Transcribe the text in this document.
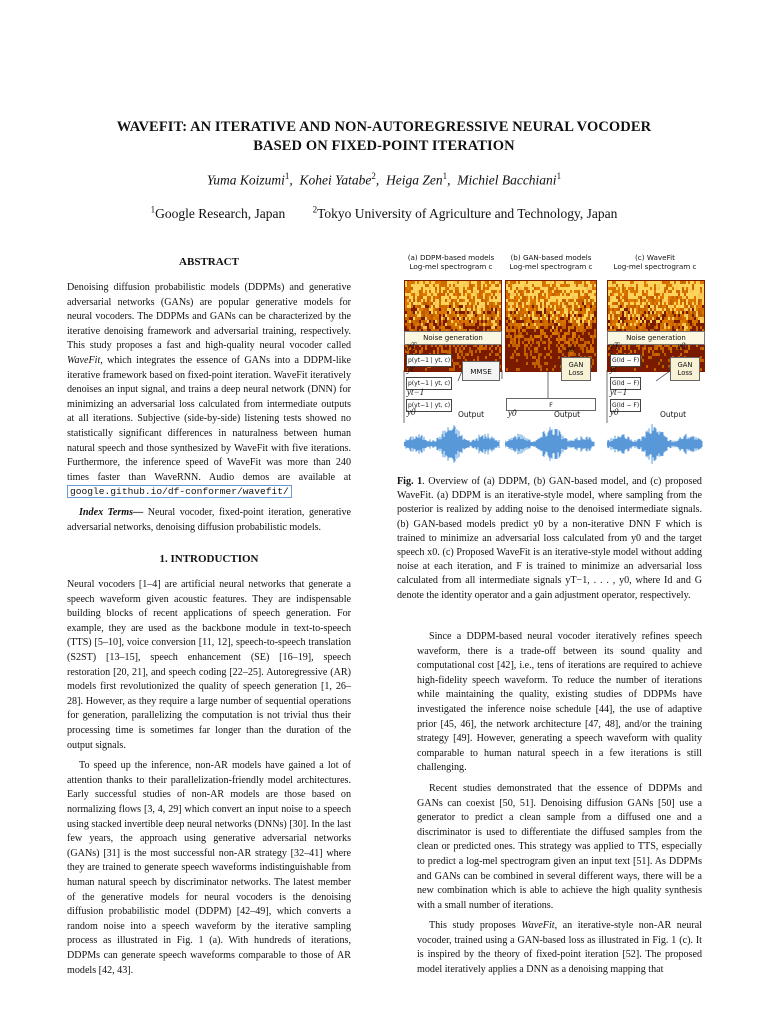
WAVEFIT: AN ITERATIVE AND NON-AUTOREGRESSIVE NEURAL VOCODER
BASED ON FIXED-POINT ITERATION
Yuma Koizumi$^1$,  Kohei Yatabe$^2$,  Heiga Zen$^1$,  Michiel Bacchiani$^1$
$^1$Google Research, Japan	$^2$Tokyo University of Agriculture and Technology, Japan

ABSTRACT

Denoising diffusion probabilistic models (DDPMs) and generative adversarial networks (GANs) are popular generative models for neural vocoders. The DDPMs and GANs can be characterized by the iterative denoising framework and adversarial training, respectively. This study proposes a fast and high-quality neural vocoder called WaveFit, which integrates the essence of GANs into a DDPM-like iterative framework based on fixed-point iteration. WaveFit iteratively denoises an input signal, and trains a deep neural network (DNN) for minimizing an adversarial loss calculated from intermediate outputs at all iterations. Subjective (side-by-side) listening tests showed no statistically significant differences in naturalness between human natural speech and those synthesized by WaveFit with five iterations. Furthermore, the inference speed of WaveFit was more than 240 times faster than WaveRNN. Audio demos are available at google.github.io/df-conformer/wavefit/

Index Terms— Neural vocoder, fixed-point iteration, generative adversarial networks, denoising diffusion probabilistic models.

1. INTRODUCTION

Neural vocoders [1–4] are artificial neural networks that generate a speech waveform given acoustic features. They are indispensable building blocks of recent applications of speech generation. For example, they are used as the backbone module in text-to-speech (TTS) [5–10], voice conversion [11, 12], speech-to-speech translation (S2ST) [13–15], speech enhancement (SE) [16–19], speech restoration [20, 21], and speech coding [22–25]. Autoregressive (AR) models first revolutionized the quality of speech generation [1, 26–28]. However, as they require a large number of sequential operations for generation, parallelizing the computation is not trivial thus their processing time is sometimes far longer than the duration of the output signals.

To speed up the inference, non-AR models have gained a lot of attention thanks to their parallelization-friendly model architectures. Early successful studies of non-AR models are those based on normalizing flows [3, 4, 29] which convert an input noise to a speech using stacked invertible deep neural networks (DNNs) [30]. In the last few years, the approach using generative adversarial networks (GANs) [31] is the most successful non-AR strategy [32–41] where they are trained to generate speech waveforms indistinguishable from human natural speech by discriminator networks. The latest member of the generative models for neural vocoders is the denoising diffusion probabilistic model (DDPM) [42–49], which converts a random noise into a speech waveform by the iterative sampling process as illustrated in Fig. 1 (a). With hundreds of iterations, DDPMs can generate speech waveforms comparable to those of AR models [42, 43].

(a) DDPM-based models
Log-mel spectrogram c
(b) GAN-based models
Log-mel spectrogram c
(c) WaveFit
Log-mel spectrogram c
Noise generation
yT
p(yt−1 | yt, c)
yt
p(yt−1 | yt, c)
yt−1
p(yt−1 | yt, c)
MMSE
y0	Output
x0
GAN Loss
F
y0	Output
Noise generation
yT	x0
G(Id − F)
yt
G(Id − F)
yt−1
G(Id − F)
GAN Loss
y0	Output
Fig. 1. Overview of (a) DDPM, (b) GAN-based model, and (c) proposed WaveFit. (a) DDPM is an iterative-style model, where sampling from the posterior is realized by adding noise to the denoised intermediate signals. (b) GAN-based models predict y0 by a non-iterative DNN F which is trained to minimize an adversarial loss calculated from y0 and the target speech x0. (c) Proposed WaveFit is an iterative-style model without adding noise at each iteration, and F is trained to minimize an adversarial loss calculated from all intermediate signals yT−1, . . . , y0, where Id and G denote the identity operator and a gain adjustment operator, respectively.

Since a DDPM-based neural vocoder iteratively refines speech waveform, there is a trade-off between its sound quality and computational cost [42], i.e., tens of iterations are required to achieve high-fidelity speech waveform. To reduce the number of iterations while maintaining the quality, existing studies of DDPMs have investigated the inference noise schedule [44], the use of adaptive prior [45, 46], the network architecture [47, 48], and/or the training strategy [49]. However, generating a speech waveform with quality comparable to human natural speech in a few iterations is still challenging.

Recent studies demonstrated that the essence of DDPMs and GANs can coexist [50, 51]. Denoising diffusion GANs [50] use a generator to predict a clean sample from a diffused one and a discriminator is used to differentiate the diffused samples from the clean or predicted ones. This strategy was applied to TTS, especially to predict a log-mel spectrogram given an input text [51]. As DDPMs and GANs can be combined in several different ways, there will be a new combination which is able to achieve the high quality synthesis with a small number of iterations.

This study proposes WaveFit, an iterative-style non-AR neural vocoder, trained using a GAN-based loss as illustrated in Fig. 1 (c). It is inspired by the theory of fixed-point iteration [52]. The proposed model iteratively applies a DNN as a denoising mapping that
